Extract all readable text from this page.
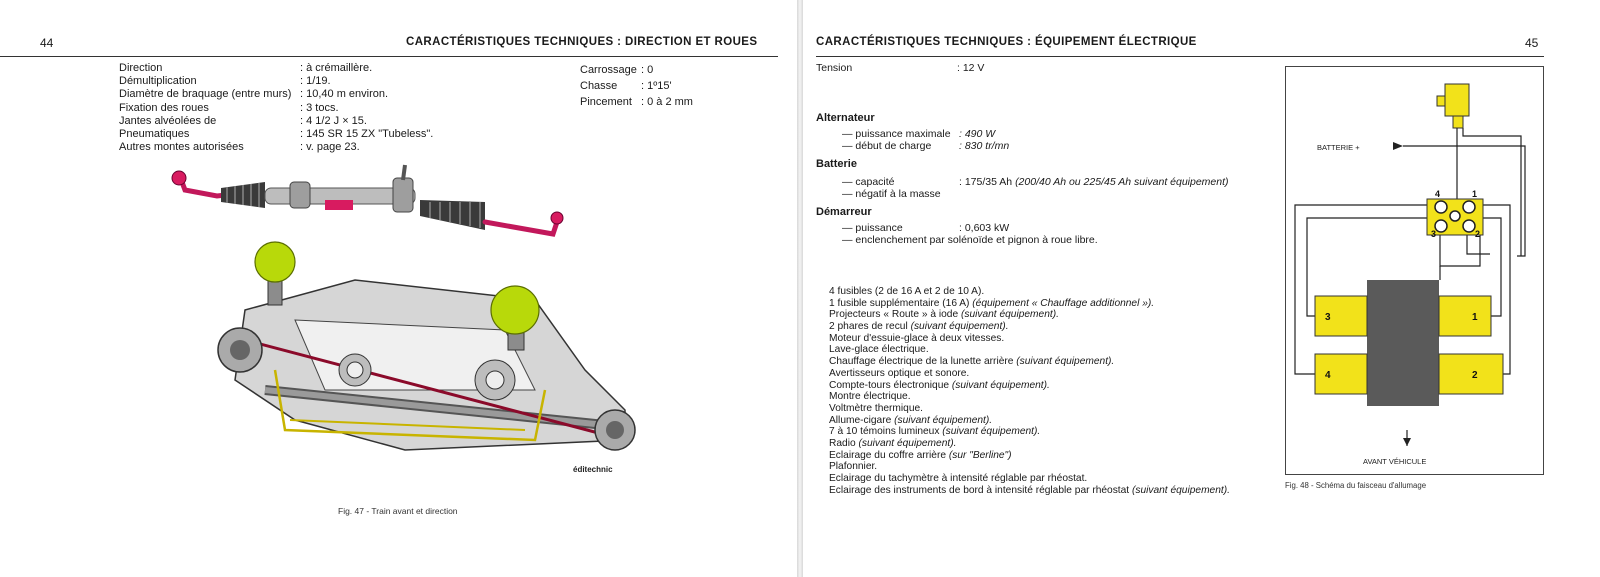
44	CARACTÉRISTIQUES TECHNIQUES : DIRECTION ET ROUES
Direction	: à crémaillère.
Démultiplication	: 1/19.
Diamètre de braquage (entre murs) : 10,40 m environ.
Fixation des roues	: 3 tocs.
Jantes alvéolées de	: 4 1/2 J × 15.
Pneumatiques	: 145 SR 15 ZX "Tubeless".
Autres montes autorisées	: v. page 23.
Carrossage : 0
Chasse : 1º15'
Pincement : 0 à 2 mm
éditechnic
Fig. 47 - Train avant et direction
CARACTÉRISTIQUES TECHNIQUES : ÉQUIPEMENT ÉLECTRIQUE	45
Tension	: 12 V
Alternateur
— puissance maximale : 490 W
— début de charge	: 830 tr/mn
Batterie
— capacité	: 175/35 Ah (200/40 Ah ou 225/45 Ah suivant équipement)
— négatif à la masse
Démarreur
— puissance	: 0,603 kW
— enclenchement par solénoïde et pignon à roue libre.
4 fusibles (2 de 16 A et 2 de 10 A).
1 fusible supplémentaire (16 A) (équipement « Chauffage additionnel »).
Projecteurs « Route » à iode (suivant équipement).
2 phares de recul (suivant équipement).
Moteur d'essuie-glace à deux vitesses.
Lave-glace électrique.
Chauffage électrique de la lunette arrière (suivant équipement).
Avertisseurs optique et sonore.
Compte-tours électronique (suivant équipement).
Montre électrique.
Voltmètre thermique.
Allume-cigare (suivant équipement).
7 à 10 témoins lumineux (suivant équipement).
Radio (suivant équipement).
Eclairage du coffre arrière (sur "Berline")
Plafonnier.
Eclairage du tachymètre à intensité réglable par rhéostat.
Eclairage des instruments de bord à intensité réglable par rhéostat (suivant équipement).
BATTERIE +
4	1
3	2
3	1
4	2
AVANT VÉHICULE
Fig. 48 - Schéma du faisceau d'allumage
